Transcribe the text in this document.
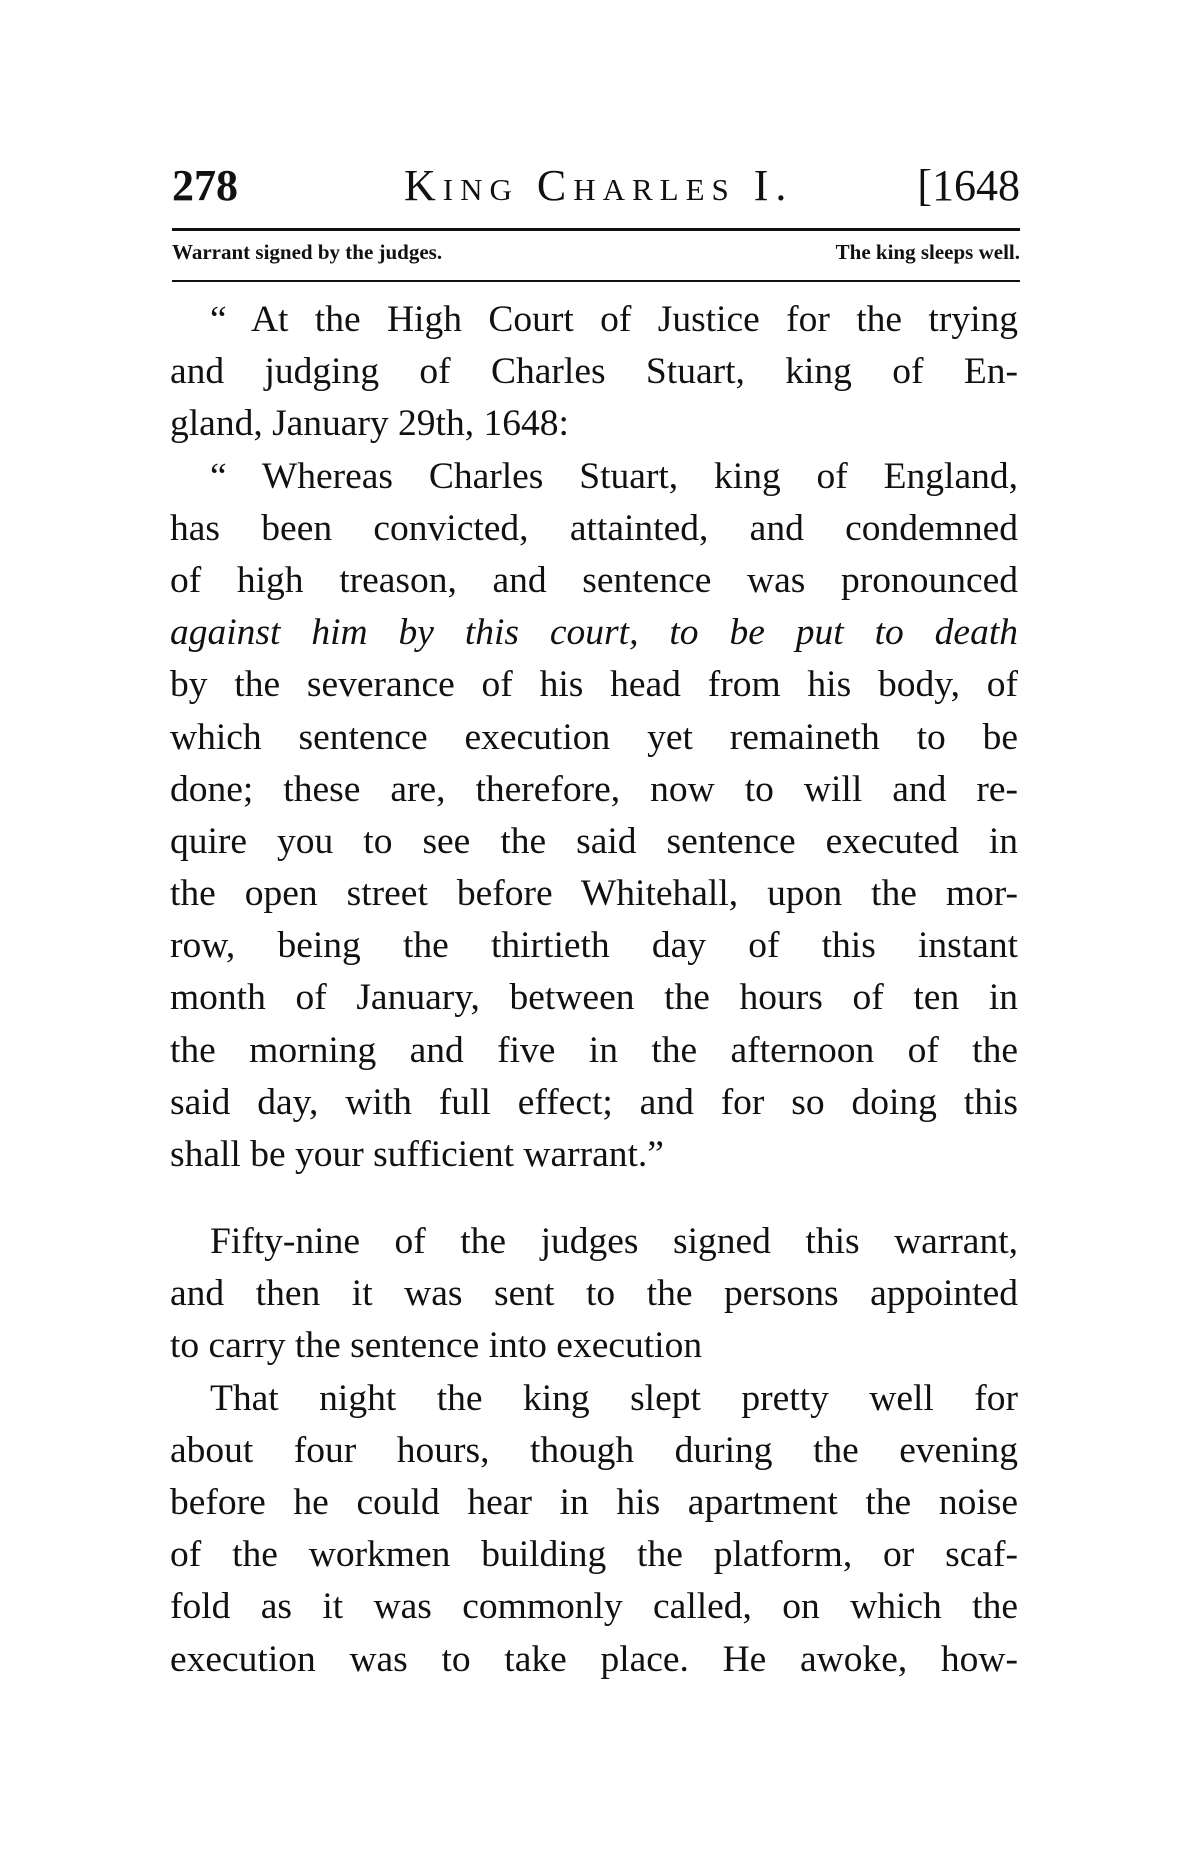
278	King Charles I.	[1648
Warrant signed by the judges.	The king sleeps well.
“ At the High Court of Justice for the trying
and judging of Charles Stuart, king of En-
gland, January 29th, 1648:
“ Whereas Charles Stuart, king of England,
has been convicted, attainted, and condemned
of high treason, and sentence was pronounced
against him by this court, to be put to death
by the severance of his head from his body, of
which sentence execution yet remaineth to be
done; these are, therefore, now to will and re-
quire you to see the said sentence executed in
the open street before Whitehall, upon the mor-
row, being the thirtieth day of this instant
month of January, between the hours of ten in
the morning and five in the afternoon of the
said day, with full effect; and for so doing this
shall be your sufficient warrant.”
Fifty-nine of the judges signed this warrant,
and then it was sent to the persons appointed
to carry the sentence into execution
That night the king slept pretty well for
about four hours, though during the evening
before he could hear in his apartment the noise
of the workmen building the platform, or scaf-
fold as it was commonly called, on which the
execution was to take place. He awoke, how-
